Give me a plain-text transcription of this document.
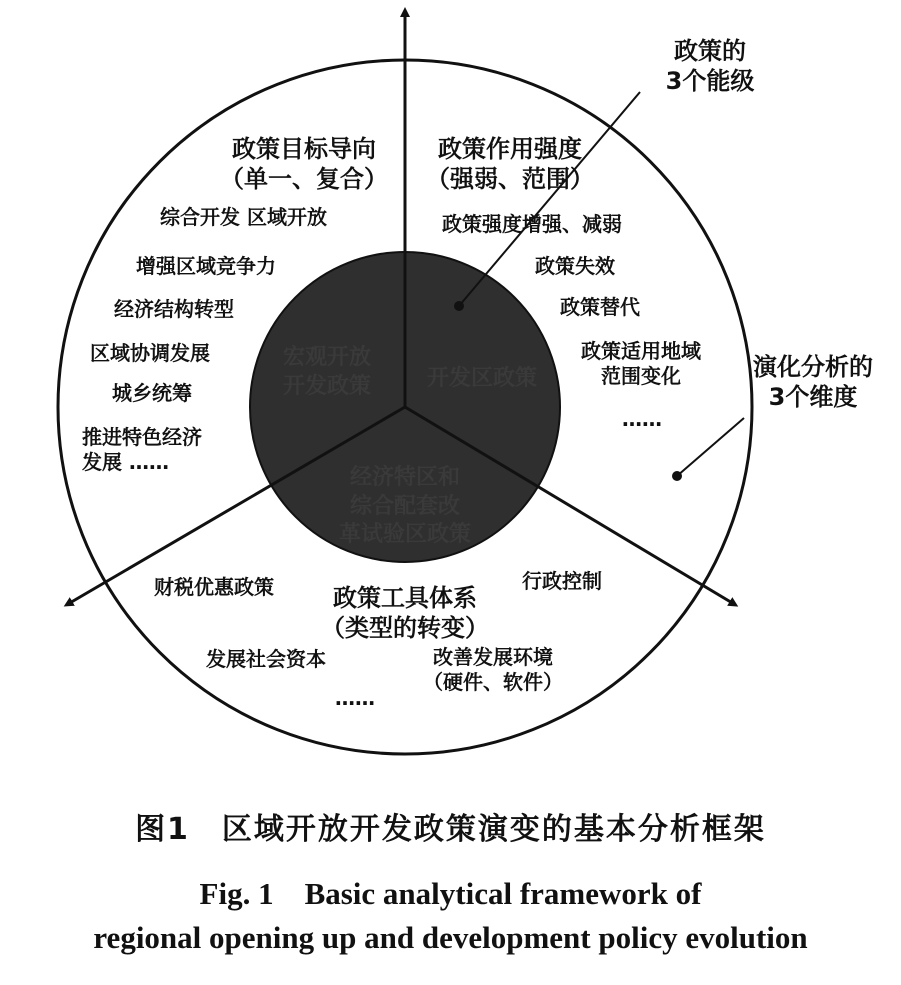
政策的
3个能级
演化分析的
3个维度
政策目标导向
（单一、复合）
综合开发 区域开放
增强区域竞争力
经济结构转型
区域协调发展
城乡统筹
推进特色经济
发展 ……
政策作用强度
（强弱、范围）
政策强度增强、减弱
政策失效
政策替代
政策适用地域
范围变化
……
宏观开放
开发政策	开发区政策
经济特区和
综合配套改
革试验区政策
政策工具体系
（类型的转变）
财税优惠政策	行政控制
发展社会资本	改善发展环境
（硬件、软件）
……
图1　区域开放开发政策演变的基本分析框架
Fig. 1　Basic analytical framework of
regional opening up and development policy evolution
